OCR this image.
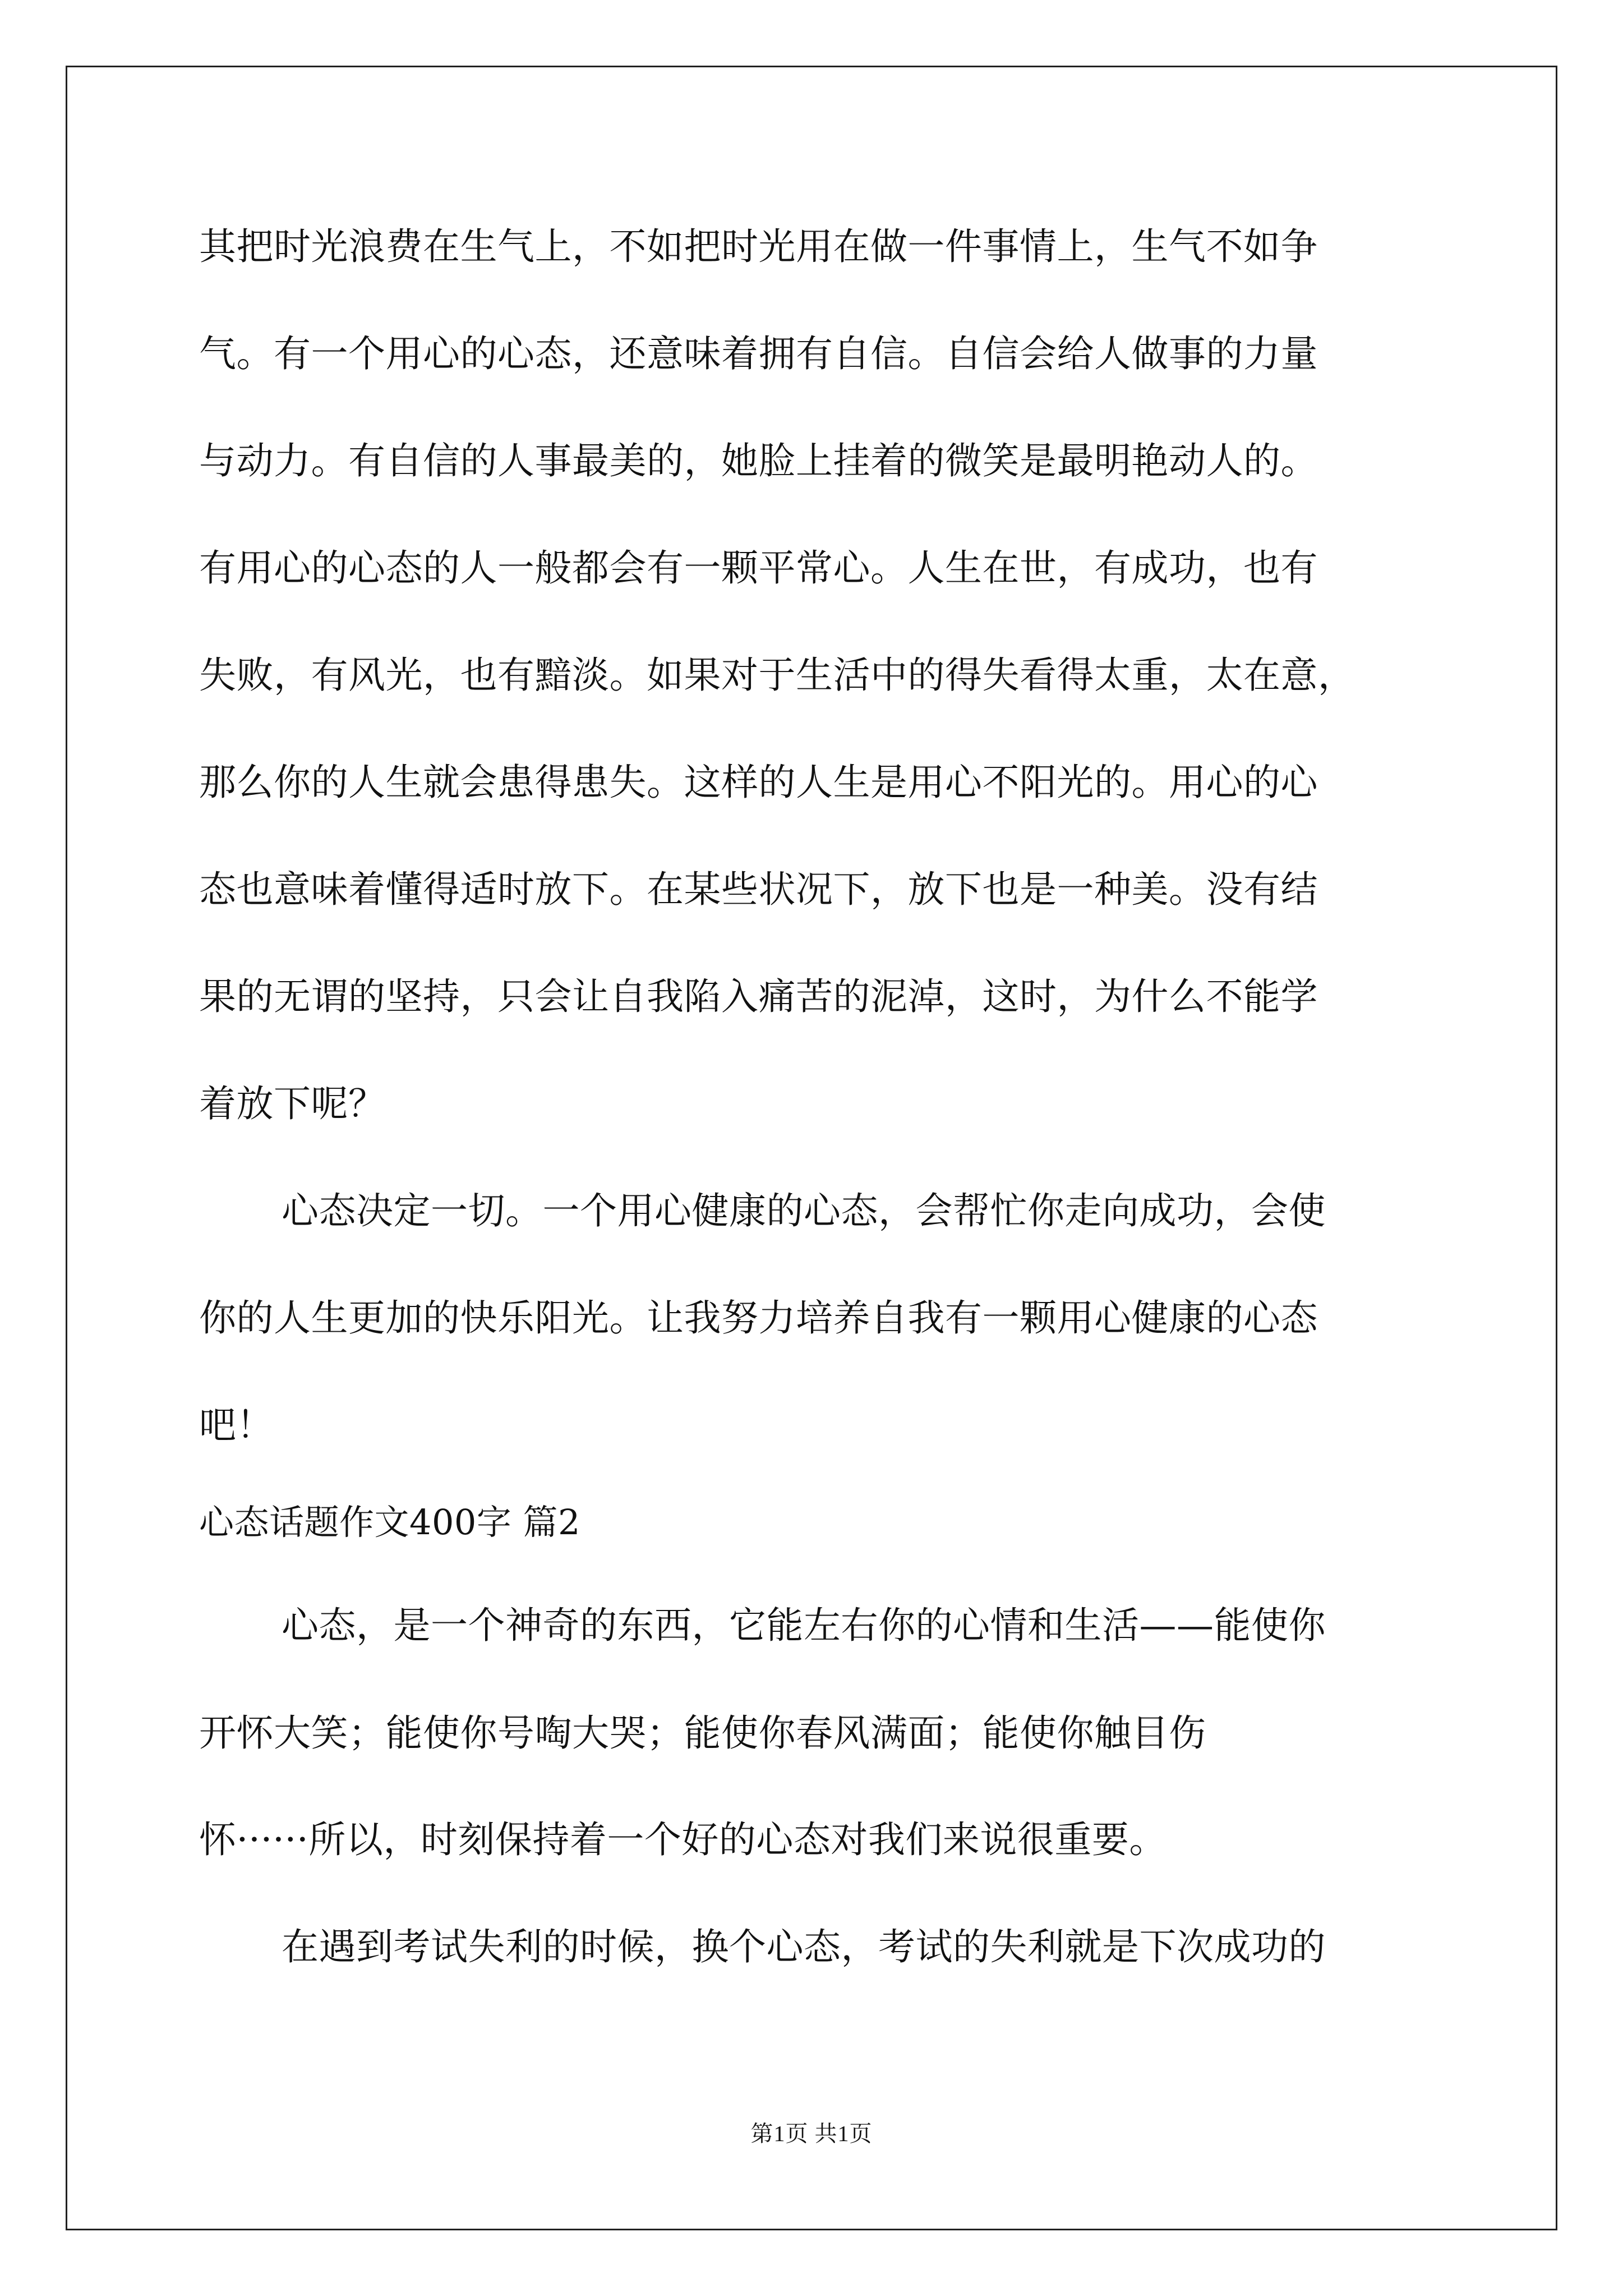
其把时光浪费在生气上，不如把时光用在做一件事情上，生气不如争
气。有一个用心的心态，还意味着拥有自信。自信会给人做事的力量
与动力。有自信的人事最美的，她脸上挂着的微笑是最明艳动人的。
有用心的心态的人一般都会有一颗平常心。人生在世，有成功，也有
失败，有风光，也有黯淡。如果对于生活中的得失看得太重，太在意，
那么你的人生就会患得患失。这样的人生是用心不阳光的。用心的心
态也意味着懂得适时放下。在某些状况下，放下也是一种美。没有结
果的无谓的坚持，只会让自我陷入痛苦的泥淖，这时，为什么不能学
着放下呢？
心态决定一切。一个用心健康的心态，会帮忙你走向成功，会使
你的人生更加的快乐阳光。让我努力培养自我有一颗用心健康的心态
吧！
心态话题作文400字 篇2
心态，是一个神奇的东西，它能左右你的心情和生活——能使你
开怀大笑；能使你号啕大哭；能使你春风满面；能使你触目伤
怀······所以，时刻保持着一个好的心态对我们来说很重要。
在遇到考试失利的时候，换个心态，考试的失利就是下次成功的
第1页 共1页
